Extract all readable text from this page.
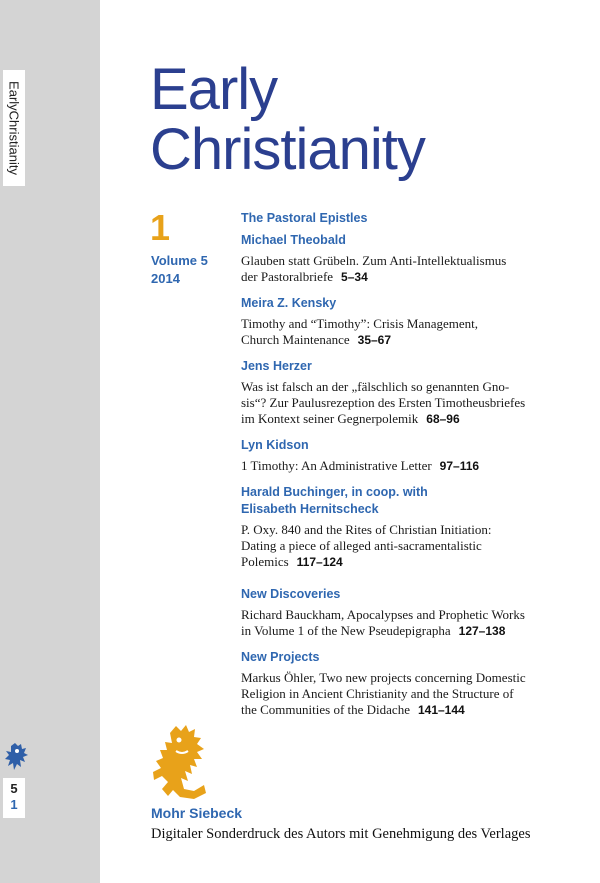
EarlyChristianity
5
1
Early
Christianity
1
Volume 5
2014
The Pastoral Epistles
Michael Theobald
Glauben statt Grübeln. Zum Anti-Intellektualismus
der Pastoralbriefe 5–34
Meira Z. Kensky
Timothy and “Timothy”: Crisis Management,
Church Maintenance 35–67
Jens Herzer
Was ist falsch an der „fälschlich so genannten Gno-
sis“? Zur Paulusrezeption des Ersten Timotheusbriefes
im Kontext seiner Gegnerpolemik 68–96
Lyn Kidson
1 Timothy: An Administrative Letter 97–116
Harald Buchinger, in coop. with
Elisabeth Hernitscheck
P. Oxy. 840 and the Rites of Christian Initiation:
Dating a piece of alleged anti-sacramentalistic
Polemics 117–124
New Discoveries
Richard Bauckham, Apocalypses and Prophetic Works
in Volume 1 of the New Pseudepigrapha 127–138
New Projects
Markus Öhler, Two new projects concerning Domestic
Religion in Ancient Christianity and the Structure of
the Communities of the Didache 141–144
Mohr Siebeck
Digitaler Sonderdruck des Autors mit Genehmigung des Verlages
